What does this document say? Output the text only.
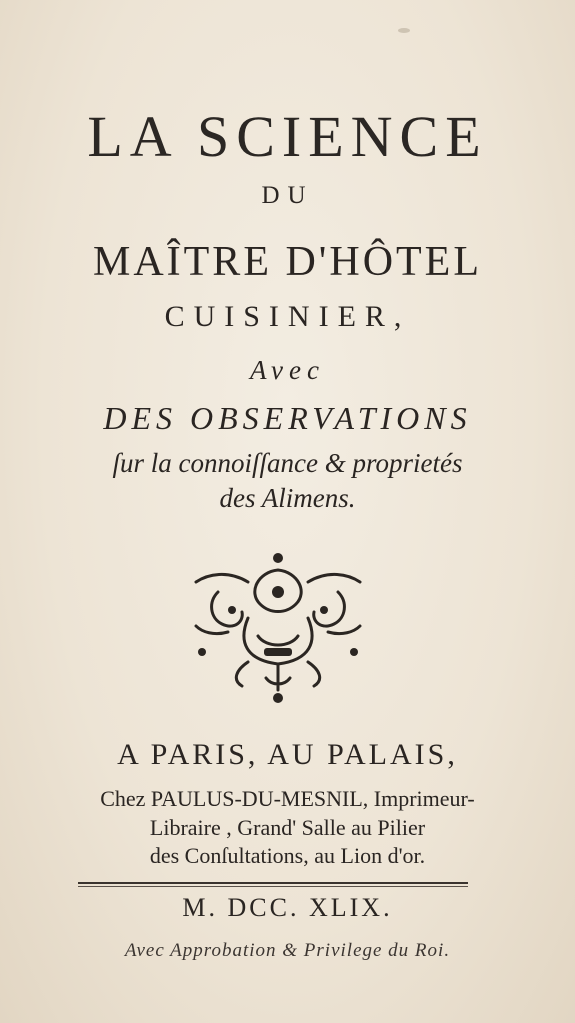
LA SCIENCE
DU
MAÎTRE D'HÔTEL
CUISINIER,
Avec
DES OBSERVATIONS
ſur la connoiſſance & proprietés
des Alimens.
A PARIS, AU PALAIS,
Chez PAULUS-DU-MESNIL, Imprimeur-
Libraire , Grand' Salle au Pilier
des Conſultations, au Lion d'or.
M. DCC. XLIX.
Avec Approbation & Privilege du Roi.
